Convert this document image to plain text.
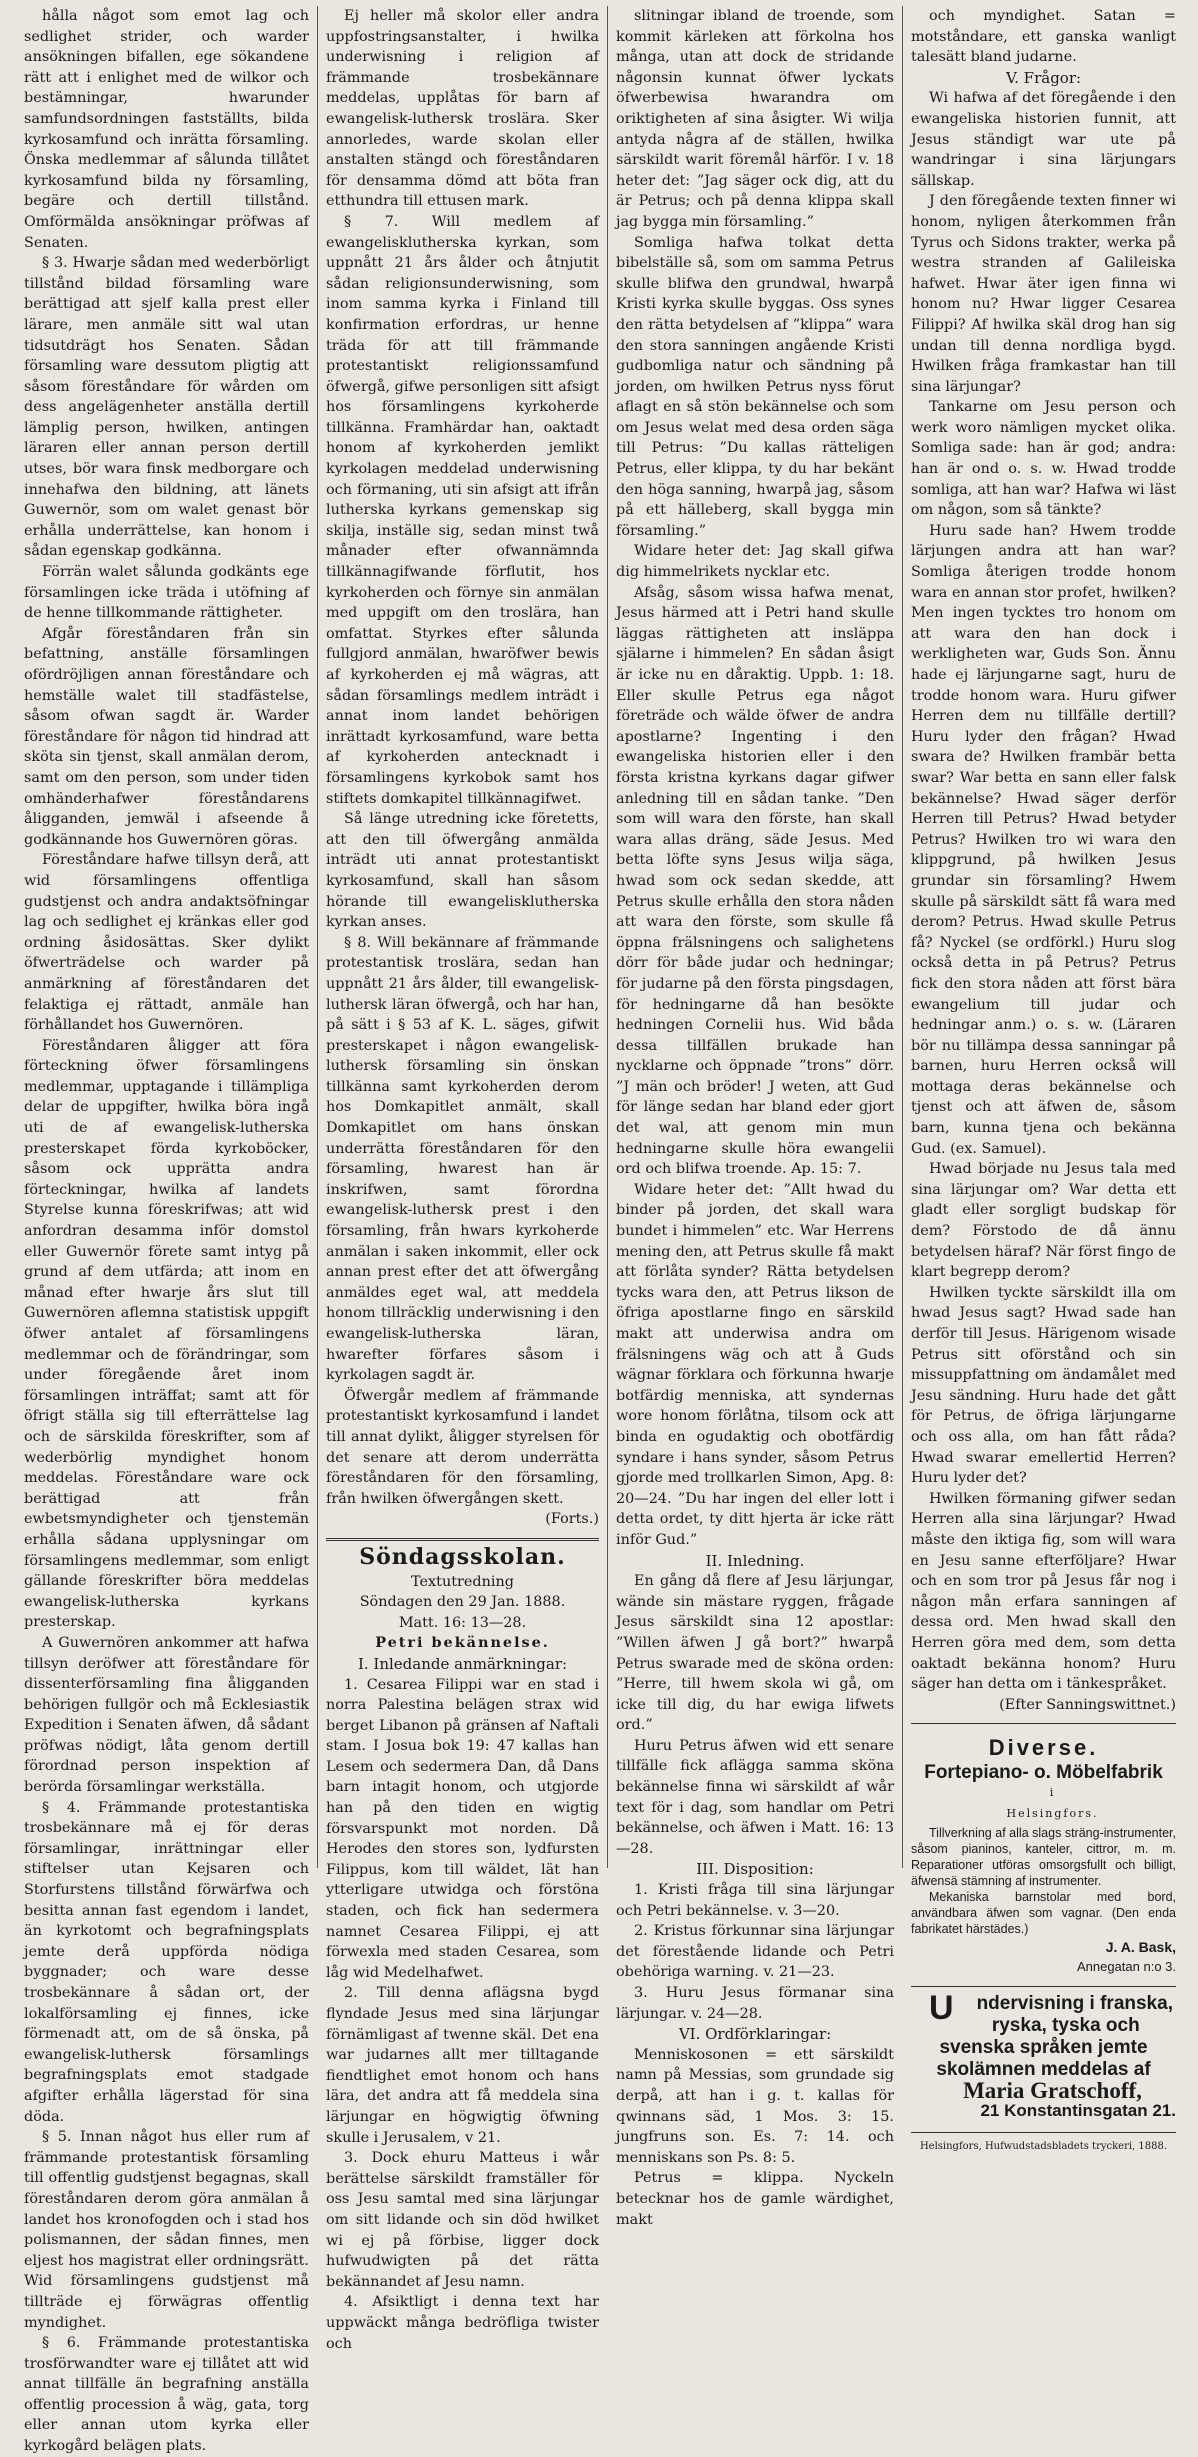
hålla något som emot lag och sedlighet strider, och warder ansökningen bifallen, ege sökandene rätt att i enlighet med de wilkor och bestämningar, hwarunder samfundsordningen fastställts, bilda kyrkosamfund och inrätta församling. Önska medlemmar af sålunda tillåtet kyrkosamfund bilda ny församling, begäre och dertill tillstånd. Omförmälda ansökningar pröfwas af Senaten.

§ 3. Hwarje sådan med wederbörligt tillstånd bildad församling ware berättigad att sjelf kalla prest eller lärare, men anmäle sitt wal utan tidsutdrägt hos Senaten. Sådan församling ware dessutom pligtig att såsom föreståndare för wården om dess angelägenheter anställa dertill lämplig person, hwilken, antingen läraren eller annan person dertill utses, bör wara finsk medborgare och innehafwa den bildning, att länets Guwernör, som om walet genast bör erhålla underrättelse, kan honom i sådan egenskap godkänna.

Förrän walet sålunda godkänts ege församlingen icke träda i utöfning af de henne tillkommande rättigheter.

Afgår föreståndaren från sin befattning, anställe församlingen ofördröjligen annan föreståndare och hemställe walet till stadfästelse, såsom ofwan sagdt är. Warder föreståndare för någon tid hindrad att sköta sin tjenst, skall anmälan derom, samt om den person, som under tiden omhänderhafwer föreståndarens åligganden, jemwäl i afseende å godkännande hos Guwernören göras.

Föreståndare hafwe tillsyn derå, att wid församlingens offentliga gudstjenst och andra andaktsöfningar lag och sedlighet ej kränkas eller god ordning åsidosättas. Sker dylikt öfwerträdelse och warder på anmärkning af föreståndaren det felaktiga ej rättadt, anmäle han förhållandet hos Guwernören.

Föreståndaren åligger att föra förteckning öfwer församlingens medlemmar, upptagande i tillämpliga delar de uppgifter, hwilka böra ingå uti de af ewangelisk-lutherska presterskapet förda kyrkoböcker, såsom ock upprätta andra förteckningar, hwilka af landets Styrelse kunna föreskrifwas; att wid anfordran desamma inför domstol eller Guwernör förete samt intyg på grund af dem utfärda; att inom en månad efter hwarje års slut till Guwernören aflemna statistisk uppgift öfwer antalet af församlingens medlemmar och de förändringar, som under föregående året inom församlingen inträffat; samt att för öfrigt ställa sig till efterrättelse lag och de särskilda föreskrifter, som af wederbörlig myndighet honom meddelas. Föreståndare ware ock berättigad att från ewbetsmyndigheter och tjenstemän erhålla sådana upplysningar om församlingens medlemmar, som enligt gällande föreskrifter böra meddelas ewangelisk-lutherska kyrkans presterskap.

A Guwernören ankommer att hafwa tillsyn deröfwer att föreståndare för dissenterförsamling fina åligganden behörigen fullgör och må Ecklesiastik Expedition i Senaten äfwen, då sådant pröfwas nödigt, låta genom dertill förordnad person inspektion af berörda församlingar werkställa.

§ 4. Främmande protestantiska trosbekännare må ej för deras församlingar, inrättningar eller stiftelser utan Kejsaren och Storfurstens tillstånd förwärfwa och besitta annan fast egendom i landet, än kyrkotomt och begrafningsplats jemte derå uppförda nödiga byggnader; och ware desse trosbekännare å sådan ort, der lokalförsamling ej finnes, icke förmenadt att, om de så önska, på ewangelisk-luthersk församlings begrafningsplats emot stadgade afgifter erhålla lägerstad för sina döda.

§ 5. Innan något hus eller rum af främmande protestantisk församling till offentlig gudstjenst begagnas, skall föreståndaren derom göra anmälan å landet hos kronofogden och i stad hos polismannen, der sådan finnes, men eljest hos magistrat eller ordningsrätt. Wid församlingens gudstjenst må tillträde ej förwägras offentlig myndighet.

§ 6. Främmande protestantiska trosförwandter ware ej tillåtet att wid annat tillfälle än begrafning anställa offentlig procession å wäg, gata, torg eller annan utom kyrka eller kyrkogård belägen plats.

Ej heller må skolor eller andra uppfostringsanstalter, i hwilka underwisning i religion af främmande trosbekännare meddelas, upplåtas för barn af ewangelisk-luthersk troslära. Sker annorledes, warde skolan eller anstalten stängd och föreståndaren för densamma dömd att böta fran etthundra till ettusen mark.

§ 7. Will medlem af ewangelisklutherska kyrkan, som uppnått 21 års ålder och åtnjutit sådan religionsunderwisning, som inom samma kyrka i Finland till konfirmation erfordras, ur henne träda för att till främmande protestantiskt religionssamfund öfwergå, gifwe personligen sitt afsigt hos församlingens kyrkoherde tillkänna. Framhärdar han, oaktadt honom af kyrkoherden jemlikt kyrkolagen meddelad underwisning och förmaning, uti sin afsigt att ifrån lutherska kyrkans gemenskap sig skilja, inställe sig, sedan minst twå månader efter ofwannämnda tillkännagifwande förflutit, hos kyrkoherden och förnye sin anmälan med uppgift om den troslära, han omfattat. Styrkes efter sålunda fullgjord anmälan, hwaröfwer bewis af kyrkoherden ej må wägras, att sådan församlings medlem inträdt i annat inom landet behörigen inrättadt kyrkosamfund, ware betta af kyrkoherden antecknadt i församlingens kyrkobok samt hos stiftets domkapitel tillkännagifwet.

Så länge utredning icke företetts, att den till öfwergång anmälda inträdt uti annat protestantiskt kyrkosamfund, skall han såsom hörande till ewangelisklutherska kyrkan anses.

§ 8. Will bekännare af främmande protestantisk troslära, sedan han uppnått 21 års ålder, till ewangelisk-luthersk läran öfwergå, och har han, på sätt i § 53 af K. L. säges, gifwit presterskapet i någon ewangelisk-luthersk församling sin önskan tillkänna samt kyrkoherden derom hos Domkapitlet anmält, skall Domkapitlet om hans önskan underrätta föreståndaren för den församling, hwarest han är inskrifwen, samt förordna ewangelisk-luthersk prest i den församling, från hwars kyrkoherde anmälan i saken inkommit, eller ock annan prest efter det att öfwergång anmäldes eget wal, att meddela honom tillräcklig underwisning i den ewangelisk-lutherska läran, hwarefter förfares såsom i kyrkolagen sagdt är.

Öfwergår medlem af främmande protestantiskt kyrkosamfund i landet till annat dylikt, åligger styrelsen för det senare att derom underrätta föreståndaren för den församling, från hwilken öfwergången skett.

(Forts.)

Söndagsskolan.

Textutredning

Söndagen den 29 Jan. 1888.

Matt. 16: 13—28.

Petri bekännelse.

I. Inledande anmärkningar:

1. Cesarea Filippi war en stad i norra Palestina belägen strax wid berget Libanon på gränsen af Naftali stam. I Josua bok 19: 47 kallas han Lesem och sedermera Dan, då Dans barn intagit honom, och utgjorde han på den tiden en wigtig försvarspunkt mot norden. Då Herodes den stores son, lydfursten Filippus, kom till wäldet, lät han ytterligare utwidga och förstöna staden, och fick han sedermera namnet Cesarea Filippi, ej att förwexla med staden Cesarea, som låg wid Medelhafwet.

2. Till denna aflägsna bygd flyndade Jesus med sina lärjungar förnämligast af twenne skäl. Det ena war judarnes allt mer tilltagande fiendtlighet emot honom och hans lära, det andra att få meddela sina lärjungar en högwigtig öfwning skulle i Jerusalem, v 21.

3. Dock ehuru Matteus i wår berättelse särskildt framställer för oss Jesu samtal med sina lärjungar om sitt lidande och sin död hwilket wi ej på förbise, ligger dock hufwudwigten på det rätta bekännandet af Jesu namn.

4. Afsiktligt i denna text har uppwäckt många bedröfliga twister och

slitningar ibland de troende, som kommit kärleken att förkolna hos många, utan att dock de stridande någonsin kunnat öfwer lyckats öfwerbewisa hwarandra om oriktigheten af sina åsigter. Wi wilja antyda några af de ställen, hwilka särskildt warit föremål härför. I v. 18 heter det: ”Jag säger ock dig, att du är Petrus; och på denna klippa skall jag bygga min församling.”

Somliga hafwa tolkat detta bibelställe så, som om samma Petrus skulle blifwa den grundwal, hwarpå Kristi kyrka skulle byggas. Oss synes den rätta betydelsen af ”klippa” wara den stora sanningen angående Kristi gudbomliga natur och sändning på jorden, om hwilken Petrus nyss förut aflagt en så stön bekännelse och som om Jesus welat med desa orden säga till Petrus: ”Du kallas rätteligen Petrus, eller klippa, ty du har bekänt den höga sanning, hwarpå jag, såsom på ett hälleberg, skall bygga min församling.”

Widare heter det: Jag skall gifwa dig himmelrikets nycklar etc.

Afsåg, såsom wissa hafwa menat, Jesus härmed att i Petri hand skulle läggas rättigheten att insläppa själarne i himmelen? En sådan åsigt är icke nu en dåraktig. Uppb. 1: 18. Eller skulle Petrus ega något företräde och wälde öfwer de andra apostlarne? Ingenting i den ewangeliska historien eller i den första kristna kyrkans dagar gifwer anledning till en sådan tanke. ”Den som will wara den förste, han skall wara allas dräng, säde Jesus. Med betta löfte syns Jesus wilja säga, hwad som ock sedan skedde, att Petrus skulle erhålla den stora nåden att wara den förste, som skulle få öppna frälsningens och salighetens dörr för både judar och hedningar; för judarne på den första pingsdagen, för hedningarne då han besökte hedningen Cornelii hus. Wid båda dessa tillfällen brukade han nycklarne och öppnade ”trons” dörr. ”J män och bröder! J weten, att Gud för länge sedan har bland eder gjort det wal, att genom min mun hedningarne skulle höra ewangelii ord och blifwa troende. Ap. 15: 7.

Widare heter det: ”Allt hwad du binder på jorden, det skall wara bundet i himmelen” etc. War Herrens mening den, att Petrus skulle få makt att förlåta synder? Rätta betydelsen tycks wara den, att Petrus likson de öfriga apostlarne fingo en särskild makt att underwisa andra om frälsningens wäg och att å Guds wägnar förklara och förkunna hwarje botfärdig menniska, att syndernas wore honom förlåtna, tilsom ock att binda en ogudaktig och obotfärdig syndare i hans synder, såsom Petrus gjorde med trollkarlen Simon, Apg. 8: 20—24. ”Du har ingen del eller lott i detta ordet, ty ditt hjerta är icke rätt inför Gud.”

II. Inledning.

En gång då flere af Jesu lärjungar, wände sin mästare ryggen, frågade Jesus särskildt sina 12 apostlar: ”Willen äfwen J gå bort?” hwarpå Petrus swarade med de sköna orden: ”Herre, till hwem skola wi gå, om icke till dig, du har ewiga lifwets ord.”

Huru Petrus äfwen wid ett senare tillfälle fick aflägga samma sköna bekännelse finna wi särskildt af wår text för i dag, som handlar om Petri bekännelse, och äfwen i Matt. 16: 13—28.

III. Disposition:

1. Kristi fråga till sina lärjungar och Petri bekännelse. v. 3—20.

2. Kristus förkunnar sina lärjungar det förestående lidande och Petri obehöriga warning. v. 21—23.

3. Huru Jesus förmanar sina lärjungar. v. 24—28.

VI. Ordförklaringar:

Menniskosonen = ett särskildt namn på Messias, som grundade sig derpå, att han i g. t. kallas för qwinnans säd, 1 Mos. 3: 15. jungfruns son. Es. 7: 14. och menniskans son Ps. 8: 5.

Petrus = klippa. Nyckeln betecknar hos de gamle wärdighet, makt

och myndighet. Satan = motståndare, ett ganska wanligt talesätt bland judarne.

V. Frågor:

Wi hafwa af det föregående i den ewangeliska historien funnit, att Jesus ständigt war ute på wandringar i sina lärjungars sällskap.

J den föregående texten finner wi honom, nyligen återkommen från Tyrus och Sidons trakter, werka på westra stranden af Galileiska hafwet. Hwar äter igen finna wi honom nu? Hwar ligger Cesarea Filippi? Af hwilka skäl drog han sig undan till denna nordliga bygd. Hwilken fråga framkastar han till sina lärjungar?

Tankarne om Jesu person och werk woro nämligen mycket olika. Somliga sade: han är god; andra: han är ond o. s. w. Hwad trodde somliga, att han war? Hafwa wi läst om någon, som så tänkte?

Huru sade han? Hwem trodde lärjungen andra att han war? Somliga återigen trodde honom wara en annan stor profet, hwilken? Men ingen tycktes tro honom om att wara den han dock i werkligheten war, Guds Son. Ännu hade ej lärjungarne sagt, huru de trodde honom wara. Huru gifwer Herren dem nu tillfälle dertill? Huru lyder den frågan? Hwad swara de? Hwilken frambär betta swar? War betta en sann eller falsk bekännelse? Hwad säger derför Herren till Petrus? Hwad betyder Petrus? Hwilken tro wi wara den klippgrund, på hwilken Jesus grundar sin församling? Hwem skulle på särskildt sätt få wara med derom? Petrus. Hwad skulle Petrus få? Nyckel (se ordförkl.) Huru slog också detta in på Petrus? Petrus fick den stora nåden att först bära ewangelium till judar och hedningar anm.) o. s. w. (Läraren bör nu tillämpa dessa sanningar på barnen, huru Herren också will mottaga deras bekännelse och tjenst och att äfwen de, såsom barn, kunna tjena och bekänna Gud. (ex. Samuel).

Hwad började nu Jesus tala med sina lärjungar om? War detta ett gladt eller sorgligt budskap för dem? Förstodo de då ännu betydelsen häraf? När först fingo de klart begrepp derom?

Hwilken tyckte särskildt illa om hwad Jesus sagt? Hwad sade han derför till Jesus. Härigenom wisade Petrus sitt oförstånd och sin missuppfattning om ändamålet med Jesu sändning. Huru hade det gått för Petrus, de öfriga lärjungarne och oss alla, om han fått råda? Hwad swarar emellertid Herren? Huru lyder det?

Hwilken förmaning gifwer sedan Herren alla sina lärjungar? Hwad måste den iktiga fig, som will wara en Jesu sanne efterföljare? Hwar och en som tror på Jesus får nog i någon mån erfara sanningen af dessa ord. Men hwad skall den Herren göra med dem, som detta oaktadt bekänna honom? Huru säger han detta om i tänkespråket.

(Efter Sanningswittnet.)

Diverse.
Fortepiano- o. Möbelfabrik

i

Helsingfors.

Tillverkning af alla slags sträng-instrumenter, såsom pianinos, kanteler, cittror, m. m. Reparationer utföras omsorgsfullt och billigt, äfwensä stämning af instrumenter.

Mekaniska barnstolar med bord, användbara äfwen som vagnar. (Den enda fabrikatet härstädes.)

J. A. Bask,

Annegatan n:o 3.

U ndervisning i franska, ryska, tyska och svenska språken jemte skolämnen meddelas af

Maria Gratschoff,

21 Konstantinsgatan 21.

Helsingfors, Hufwudstadsbladets tryckeri, 1888.
